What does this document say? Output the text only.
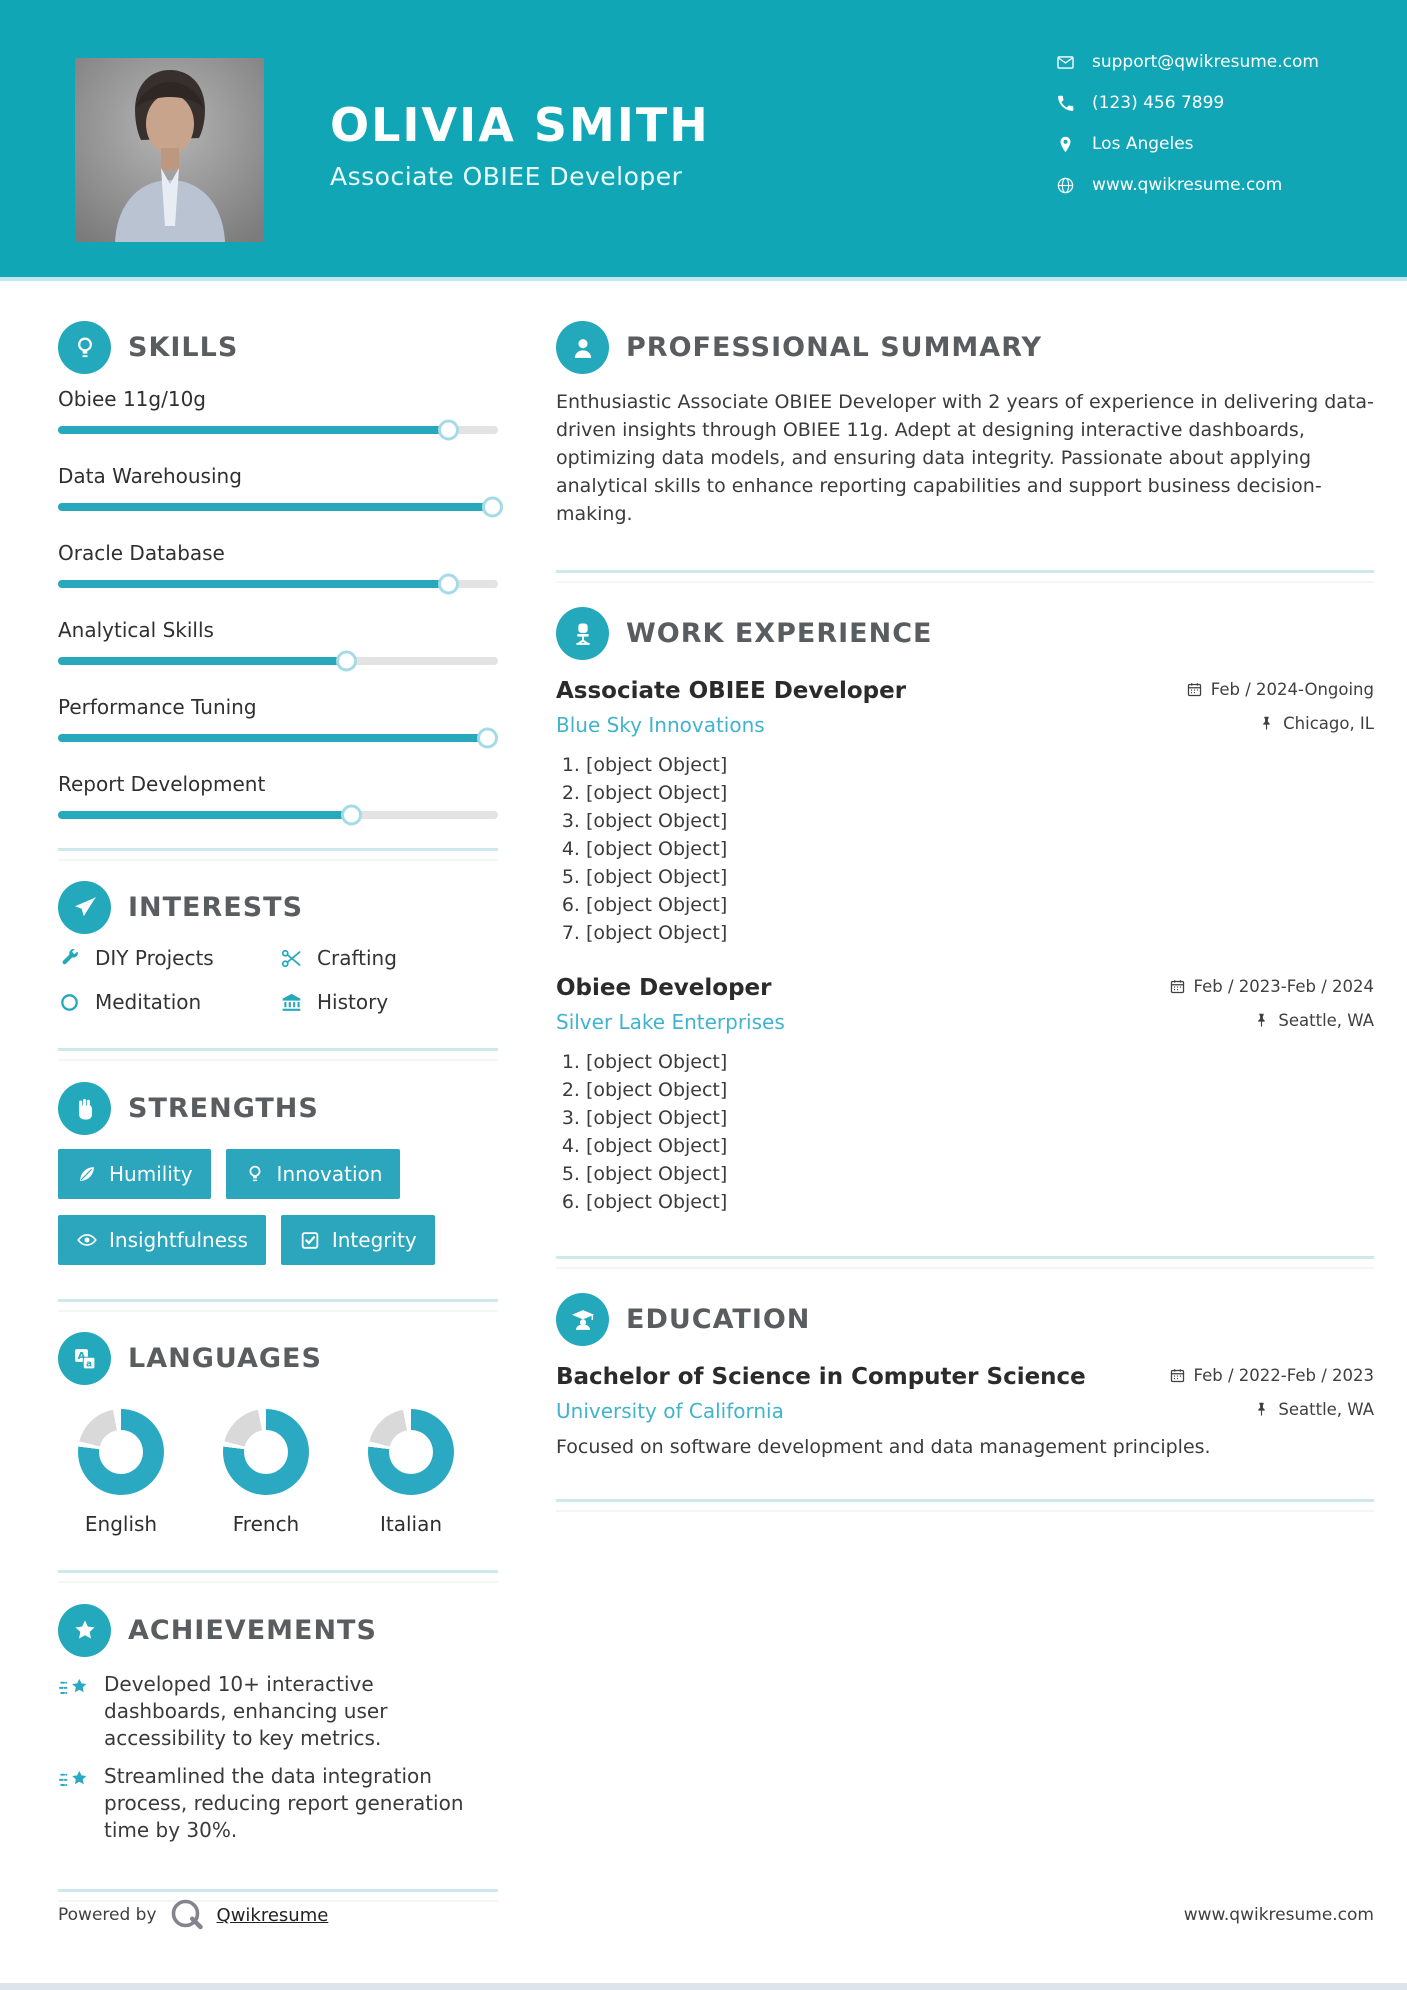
OLIVIA SMITH
Associate OBIEE Developer
support@qwikresume.com
(123) 456 7899
Los Angeles
www.qwikresume.com
SKILLS
Obiee 11g/10g
Data Warehousing
Oracle Database
Analytical Skills
Performance Tuning
Report Development
INTERESTS
DIY Projects	Crafting
Meditation	History
STRENGTHS
Humility	Innovation
Insightfulness	Integrity
LANGUAGES
English	French	Italian
ACHIEVEMENTS
Developed 10+ interactive dashboards, enhancing user accessibility to key metrics.
Streamlined the data integration process, reducing report generation time by 30%.
PROFESSIONAL SUMMARY

Enthusiastic Associate OBIEE Developer with 2 years of experience in delivering data-driven insights through OBIEE 11g. Adept at designing interactive dashboards, optimizing data models, and ensuring data integrity. Passionate about applying analytical skills to enhance reporting capabilities and support business decision-making.

WORK EXPERIENCE
Associate OBIEE Developer	Feb / 2024-Ongoing
Blue Sky Innovations	Chicago, IL
1. [object Object]
2. [object Object]
3. [object Object]
4. [object Object]
5. [object Object]
6. [object Object]
7. [object Object]
Obiee Developer	Feb / 2023-Feb / 2024
Silver Lake Enterprises	Seattle, WA
1. [object Object]
2. [object Object]
3. [object Object]
4. [object Object]
5. [object Object]
6. [object Object]
EDUCATION
Bachelor of Science in Computer Science	Feb / 2022-Feb / 2023
University of California	Seattle, WA

Focused on software development and data management principles.

Powered by	Qwikresume	www.qwikresume.com
